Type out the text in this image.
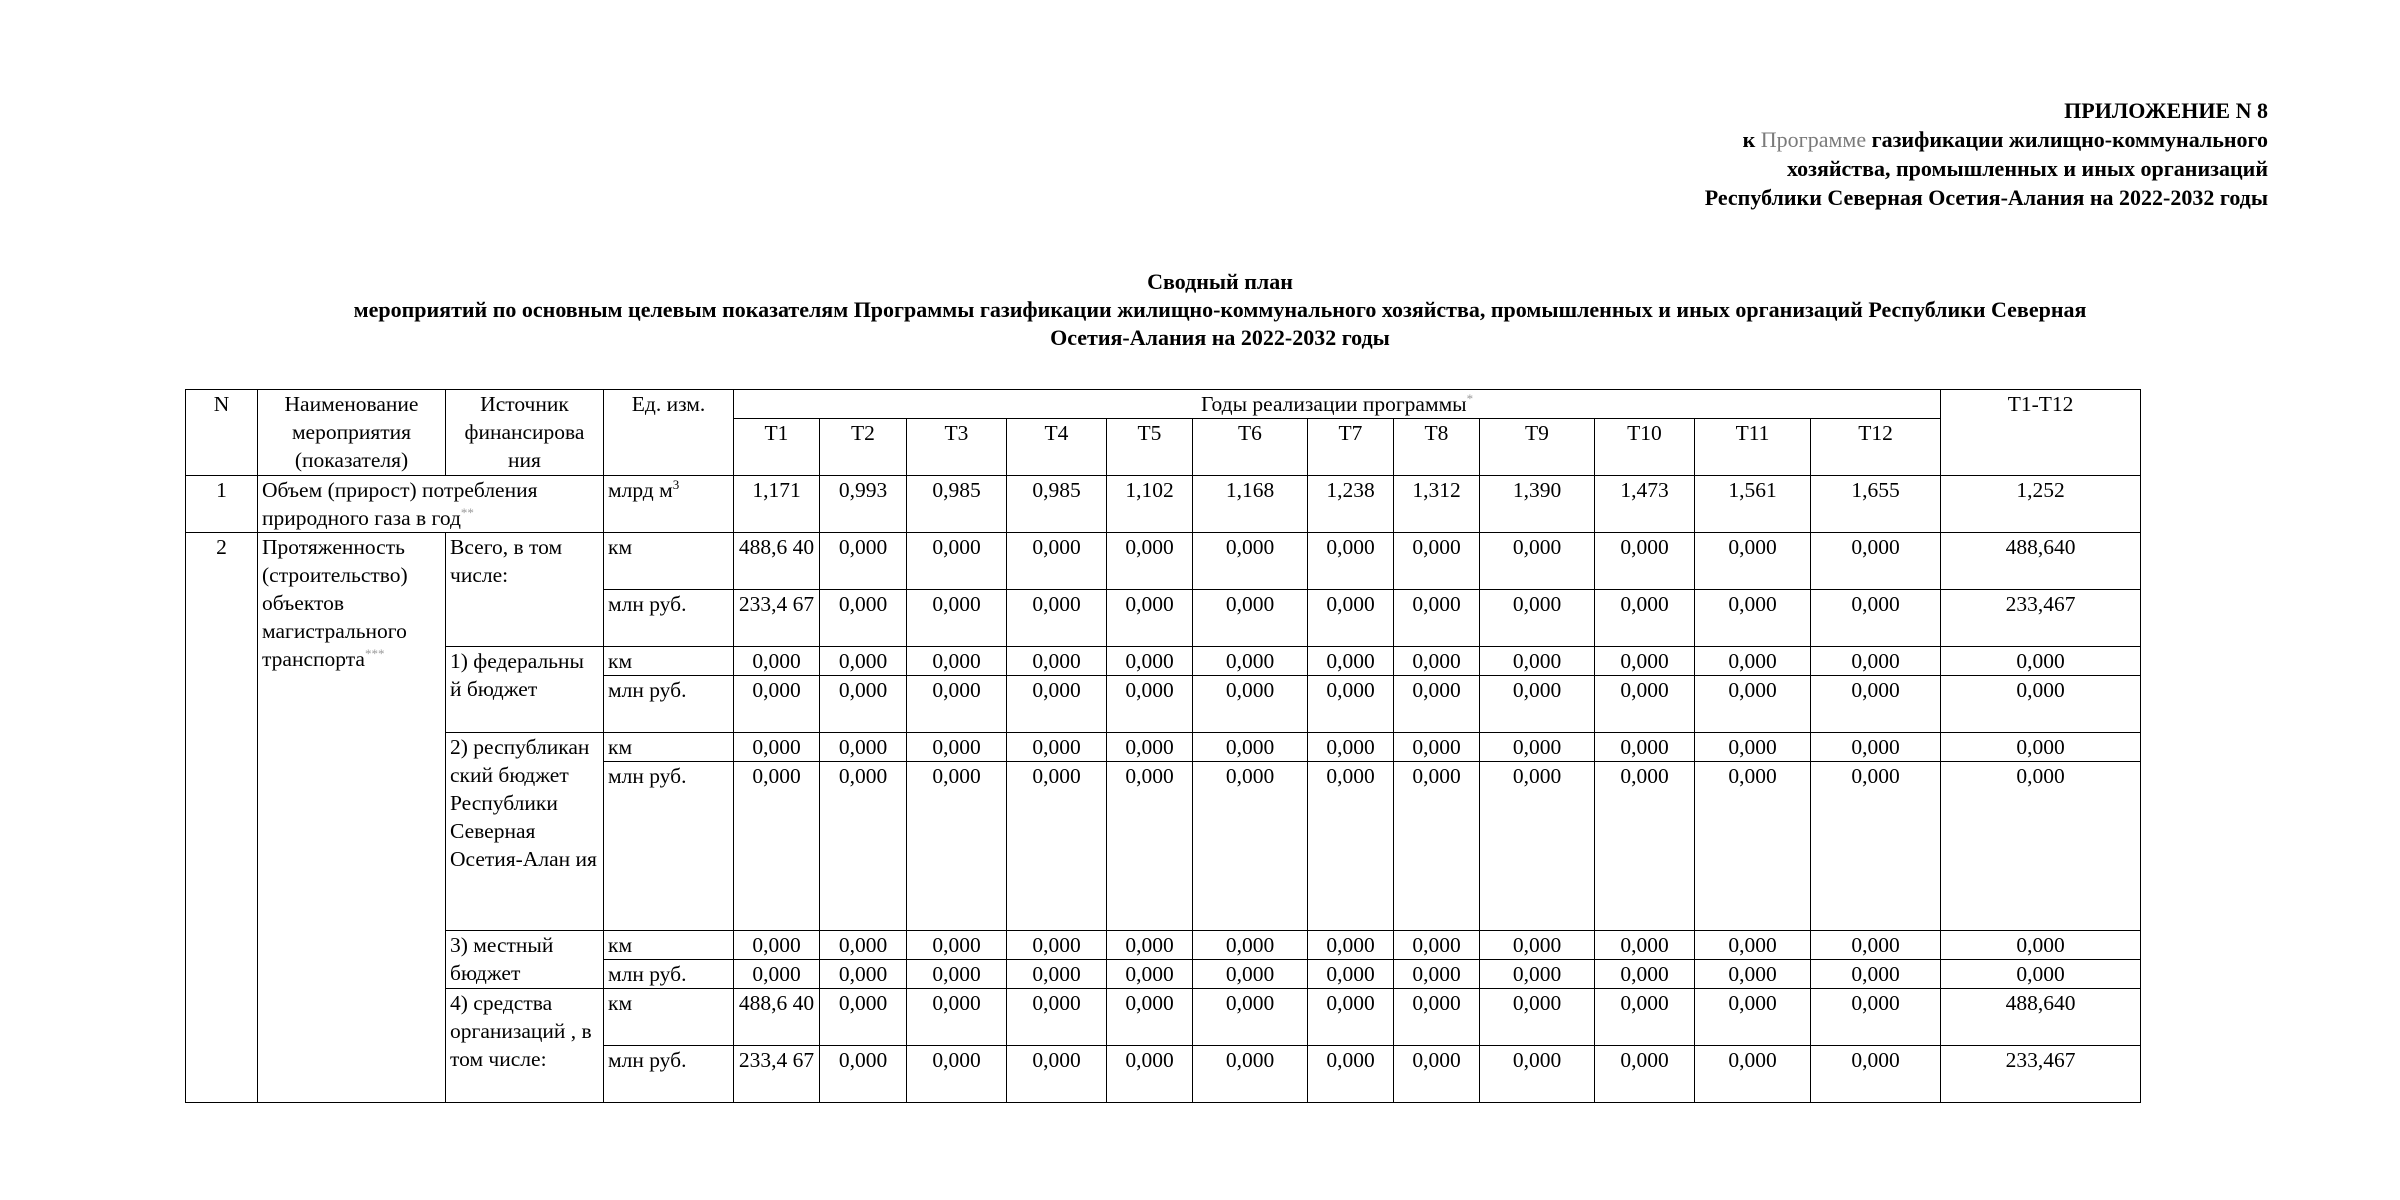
ПРИЛОЖЕНИЕ N 8
к Программе газификации жилищно-коммунального
хозяйства, промышленных и иных организаций
Республики Северная Осетия-Алания на 2022-2032 годы
Сводный план
мероприятий по основным целевым показателям Программы газификации жилищно-коммунального хозяйства, промышленных и иных организаций Республики Северная
Осетия-Алания на 2022-2032 годы
N	Наименование мероприятия (показателя)	Источник финансирова ния	Ед. изм.	Годы реализации программы*												Т1-Т12
				Т1	Т2	Т3	Т4	Т5	Т6	Т7	Т8	Т9	Т10	Т11	Т12	
1	Объем (прирост) потребления природного газа в год**		млрд $м^3$	1,171	0,993	0,985	0,985	1,102	1,168	1,238	1,312	1,390	1,473	1,561	1,655	1,252
2	Протяженность (строительство) объектов магистрального транспорта***	Всего, в том числе:	км	488,6 40	0,000	0,000	0,000	0,000	0,000	0,000	0,000	0,000	0,000	0,000	0,000	488,640
			млн руб.	233,4 67	0,000	0,000	0,000	0,000	0,000	0,000	0,000	0,000	0,000	0,000	0,000	233,467
		1) федеральны й бюджет	км	0,000	0,000	0,000	0,000	0,000	0,000	0,000	0,000	0,000	0,000	0,000	0,000	0,000
			млн руб.	0,000	0,000	0,000	0,000	0,000	0,000	0,000	0,000	0,000	0,000	0,000	0,000	0,000
		2) республикан ский бюджет Республики Северная Осетия-Алан ия	км	0,000	0,000	0,000	0,000	0,000	0,000	0,000	0,000	0,000	0,000	0,000	0,000	0,000
			млн руб.	0,000	0,000	0,000	0,000	0,000	0,000	0,000	0,000	0,000	0,000	0,000	0,000	0,000
		3) местный бюджет	км	0,000	0,000	0,000	0,000	0,000	0,000	0,000	0,000	0,000	0,000	0,000	0,000	0,000
			млн руб.	0,000	0,000	0,000	0,000	0,000	0,000	0,000	0,000	0,000	0,000	0,000	0,000	0,000
		4) средства организаций , в том числе:	км	488,6 40	0,000	0,000	0,000	0,000	0,000	0,000	0,000	0,000	0,000	0,000	0,000	488,640
			млн руб.	233,4 67	0,000	0,000	0,000	0,000	0,000	0,000	0,000	0,000	0,000	0,000	0,000	233,467
